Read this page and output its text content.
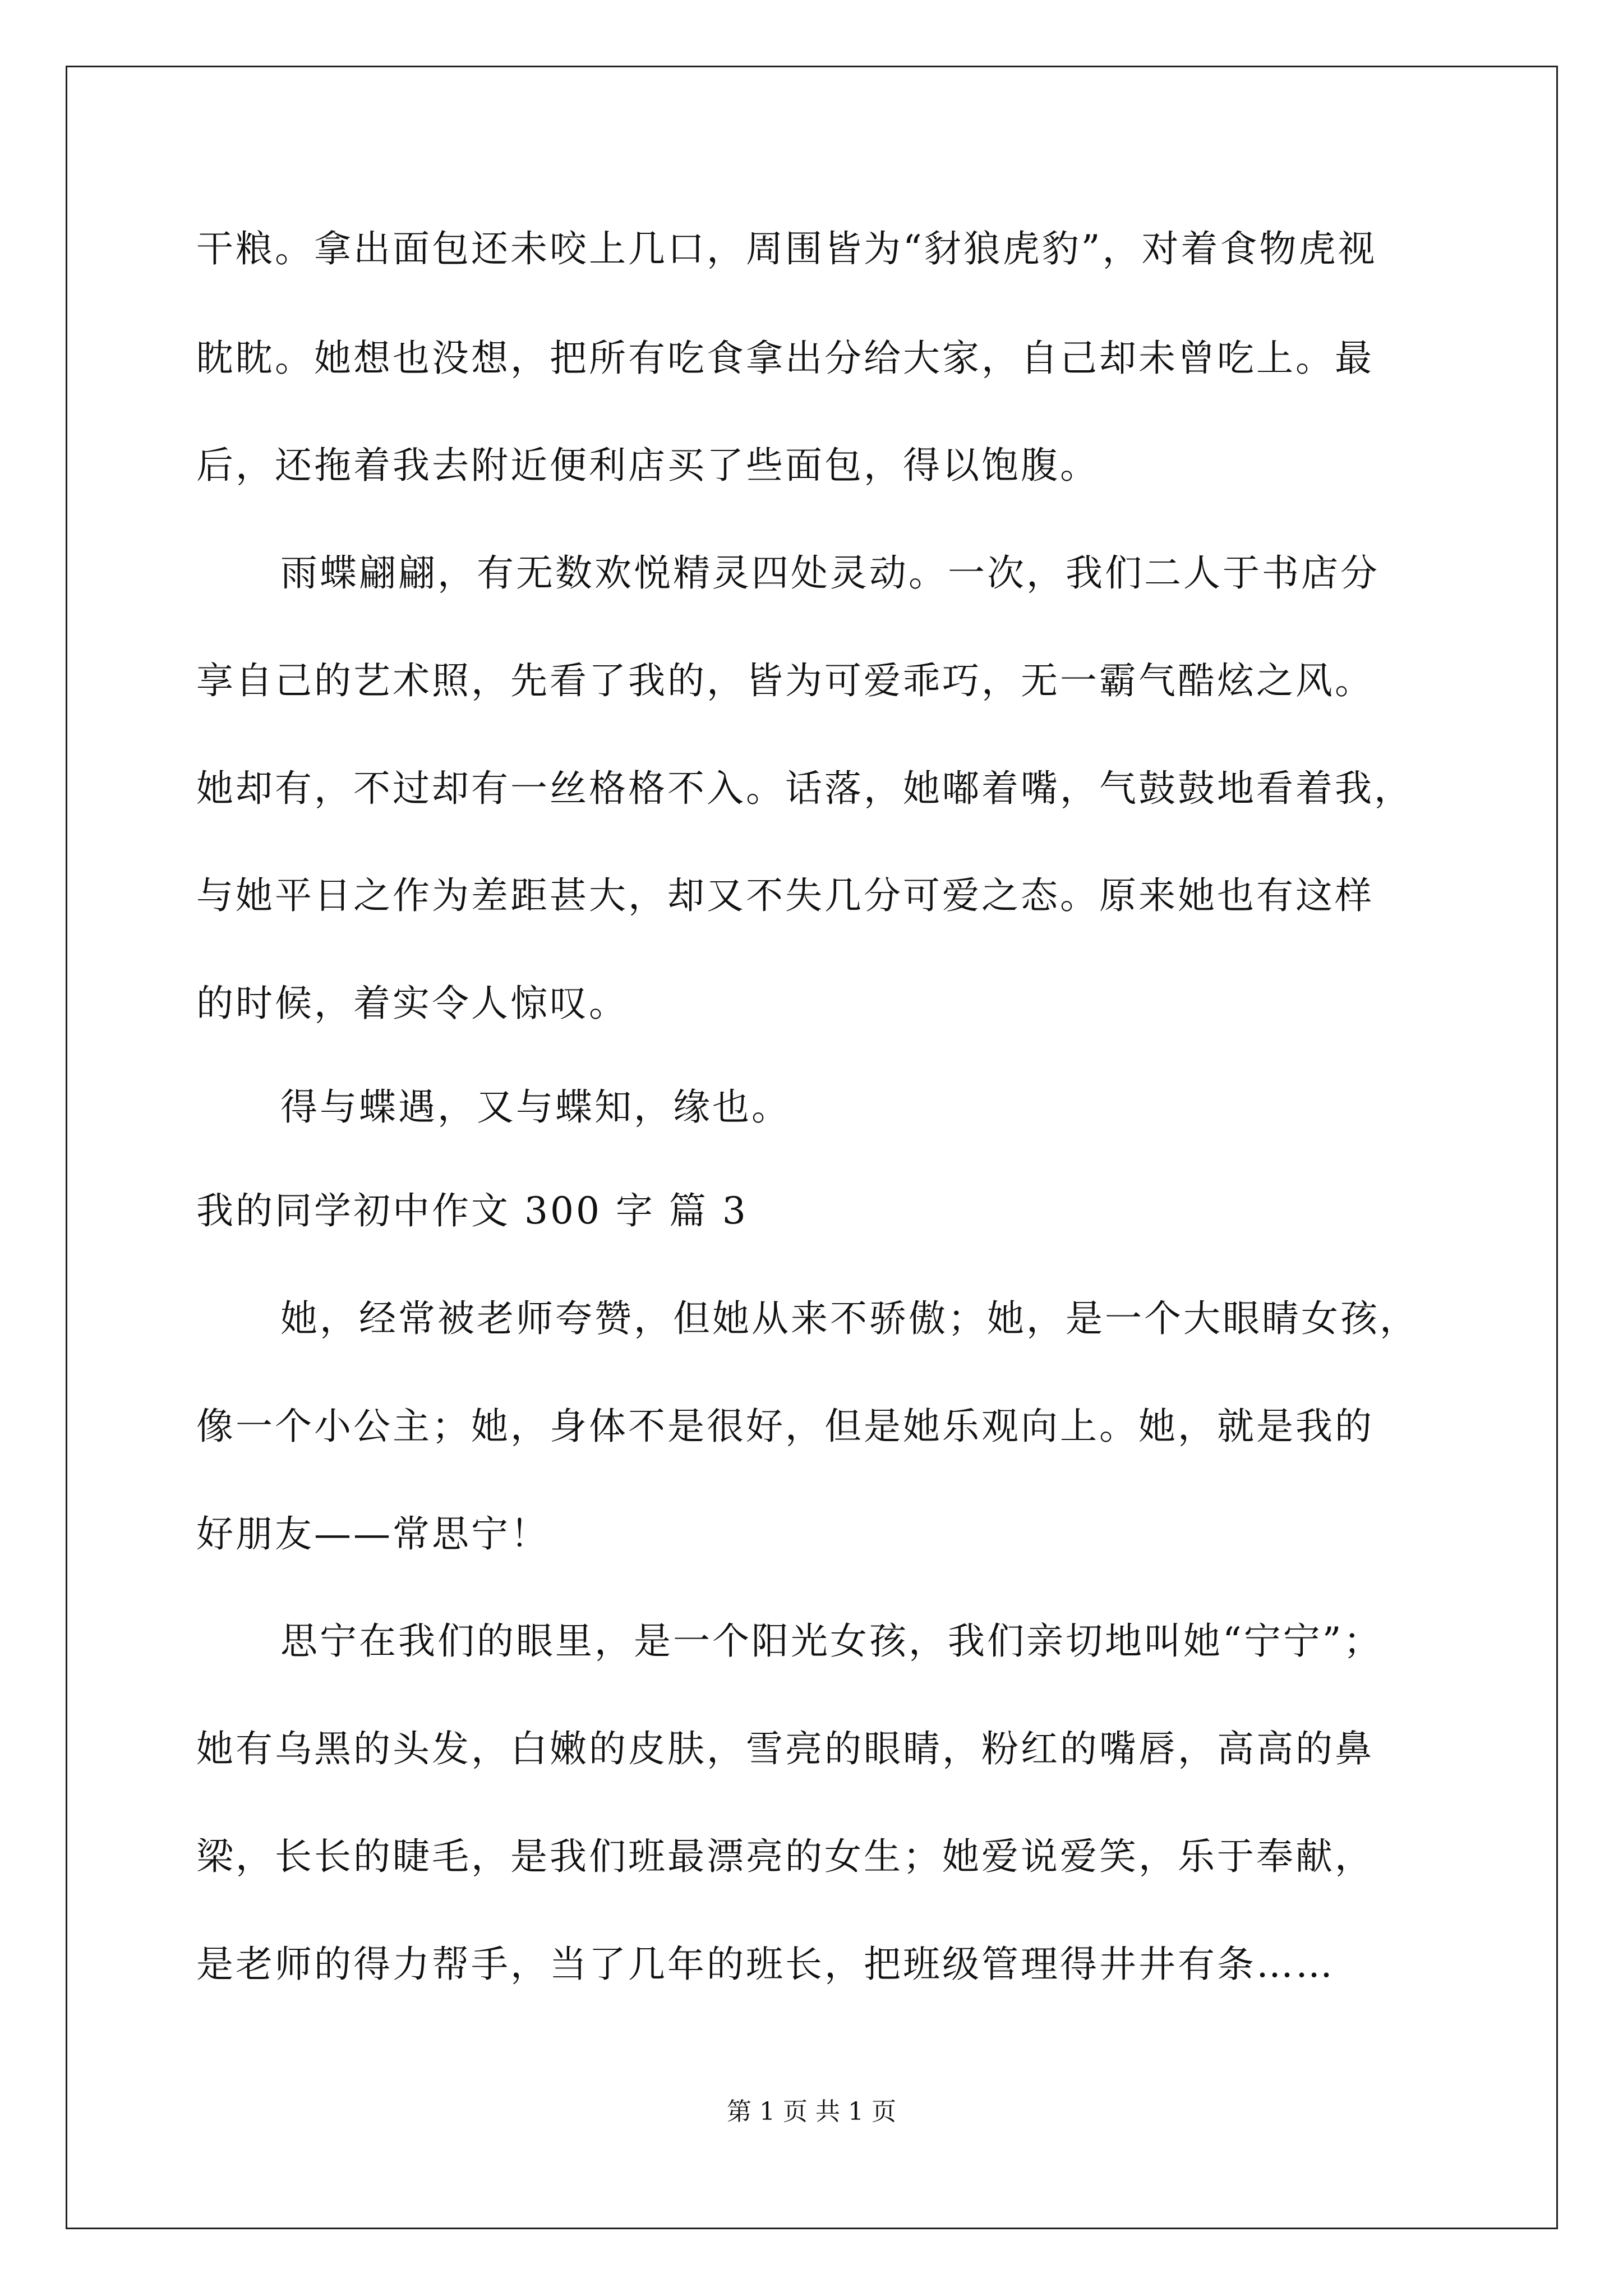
干粮。拿出面包还未咬上几口，周围皆为“豺狼虎豹”，对着食物虎视
眈眈。她想也没想，把所有吃食拿出分给大家，自己却未曾吃上。最
后，还拖着我去附近便利店买了些面包，得以饱腹。
雨蝶翩翩，有无数欢悦精灵四处灵动。一次，我们二人于书店分
享自己的艺术照，先看了我的，皆为可爱乖巧，无一霸气酷炫之风。
她却有，不过却有一丝格格不入。话落，她嘟着嘴，气鼓鼓地看着我，
与她平日之作为差距甚大，却又不失几分可爱之态。原来她也有这样
的时候，着实令人惊叹。
得与蝶遇，又与蝶知，缘也。
我的同学初中作文 300 字 篇 3
她，经常被老师夸赞，但她从来不骄傲；她，是一个大眼睛女孩，
像一个小公主；她，身体不是很好，但是她乐观向上。她，就是我的
好朋友——常思宁！
思宁在我们的眼里，是一个阳光女孩，我们亲切地叫她“宁宁”；
她有乌黑的头发，白嫩的皮肤，雪亮的眼睛，粉红的嘴唇，高高的鼻
梁，长长的睫毛，是我们班最漂亮的女生；她爱说爱笑，乐于奉献，
是老师的得力帮手，当了几年的班长，把班级管理得井井有条……
第 1 页 共 1 页
